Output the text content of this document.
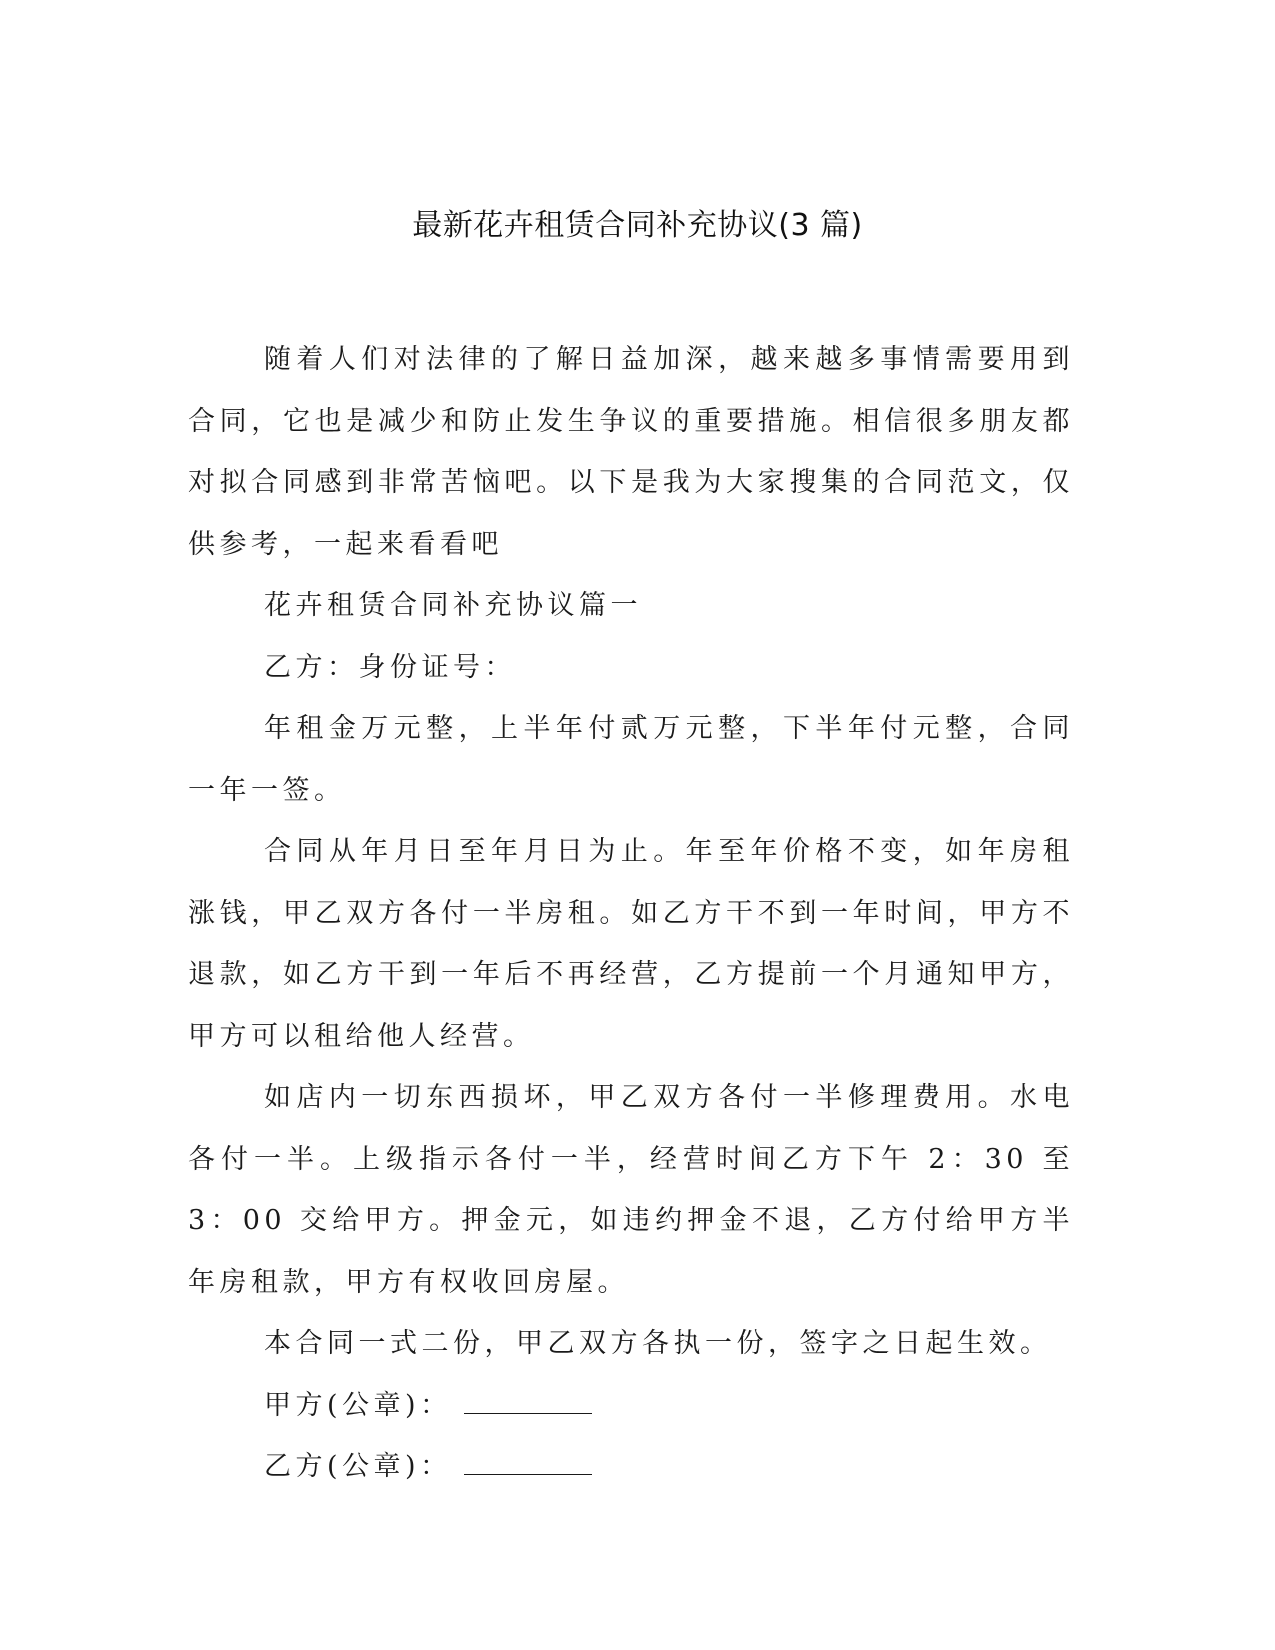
最新花卉租赁合同补充协议(3 篇)

随着人们对法律的了解日益加深，越来越多事情需要用到合同，它也是减少和防止发生争议的重要措施。相信很多朋友都对拟合同感到非常苦恼吧。以下是我为大家搜集的合同范文，仅供参考，一起来看看吧

花卉租赁合同补充协议篇一

乙方：身份证号：

年租金万元整，上半年付贰万元整，下半年付元整，合同一年一签。

合同从年月日至年月日为止。年至年价格不变，如年房租涨钱，甲乙双方各付一半房租。如乙方干不到一年时间，甲方不退款，如乙方干到一年后不再经营，乙方提前一个月通知甲方，甲方可以租给他人经营。

如店内一切东西损坏，甲乙双方各付一半修理费用。水电各付一半。上级指示各付一半，经营时间乙方下午 2：30 至 3：00 交给甲方。押金元，如违约押金不退，乙方付给甲方半年房租款，甲方有权收回房屋。

本合同一式二份，甲乙双方各执一份，签字之日起生效。

甲方(公章)：

乙方(公章)：
